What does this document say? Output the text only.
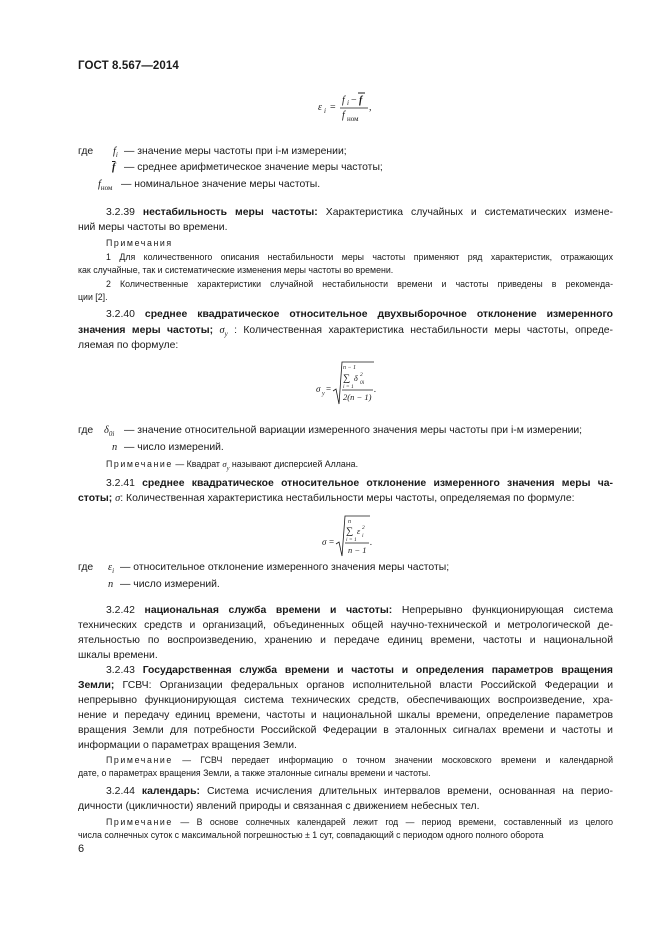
ГОСТ 8.567—2014
ε i =
f i − f
f ном
,
где $f_i$ — значение меры частоты при i-м измерении;
$\overline{f}$ — среднее арифметическое значение меры частоты;
$f_{ном}$ — номинальное значение меры частоты.
3.2.39 нестабильность меры частоты: Характеристика случайных и систематических измене-
ний меры частоты во времени.
Примечания
1 Для количественного описания нестабильности меры частоты применяют ряд характеристик, отражающих
как случайные, так и систематические изменения меры частоты во времени.
2 Количественные характеристики случайной нестабильности времени и частоты приведены в рекоменда-
ции [2].
3.2.40 среднее квадратическое относительное двухвыборочное отклонение измеренного
значения меры частоты; $\sigma_y$ : Количественная характеристика нестабильности меры частоты, опреде-
ляемая по формуле:
σ y =
n − 1
∑
i = 1
δ 2
0i
2(n − 1)
.
где $\delta_{0i}$ — значение относительной вариации измеренного значения меры частоты при i-м измерении;
n — число измерений.
Примечание — Квадрат $\sigma_y$ называют дисперсией Аллана.
3.2.41 среднее квадратическое относительное отклонение измеренного значения меры ча-
стоты; σ: Количественная характеристика нестабильности меры частоты, определяемая по формуле:
σ =
n
∑
i = 1
ε 2
i
n − 1
.
где $\varepsilon_i$ — относительное отклонение измеренного значения меры частоты;
n — число измерений.
3.2.42 национальная служба времени и частоты: Непрерывно функционирующая система
технических средств и организаций, объединенных общей научно-технической и метрологической де-
ятельностью по воспроизведению, хранению и передаче единиц времени, частоты и национальной
шкалы времени.
3.2.43 Государственная служба времени и частоты и определения параметров вращения
Земли; ГСВЧ: Организации федеральных органов исполнительной власти Российской Федерации и
непрерывно функционирующая система технических средств, обеспечивающих воспроизведение, хра-
нение и передачу единиц времени, частоты и национальной шкалы времени, определение параметров
вращения Земли для потребности Российской Федерации в эталонных сигналах времени и частоты и
информации о параметрах вращения Земли.
Примечание — ГСВЧ передает информацию о точном значении московского времени и календарной
дате, о параметрах вращения Земли, а также эталонные сигналы времени и частоты.
3.2.44 календарь: Система исчисления длительных интервалов времени, основанная на перио-
дичности (цикличности) явлений природы и связанная с движением небесных тел.
Примечание — В основе солнечных календарей лежит год — период времени, составленный из целого
числа солнечных суток с максимальной погрешностью ± 1 сут, совпадающий с периодом одного полного оборота
6
